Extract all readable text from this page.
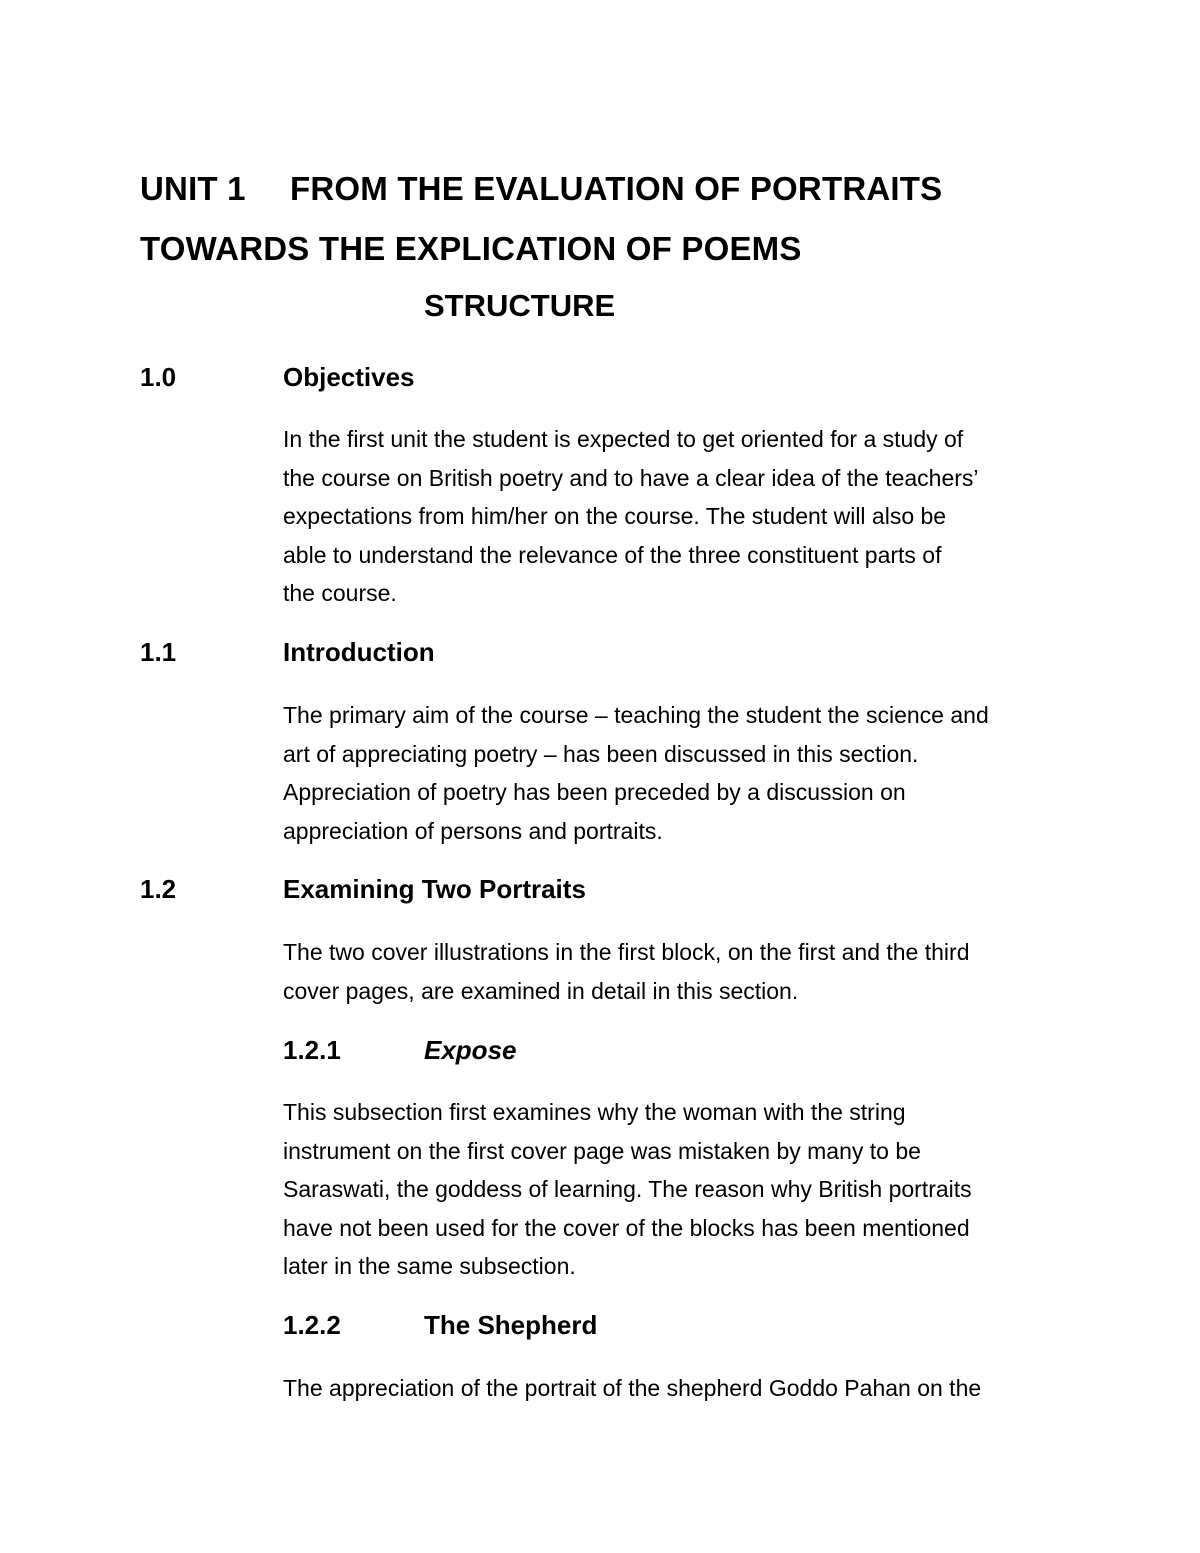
UNIT 1 FROM THE EVALUATION OF PORTRAITS
TOWARDS THE EXPLICATION OF POEMS
STRUCTURE
1.0	Objectives
In the first unit the student is expected to get oriented for a study of
the course on British poetry and to have a clear idea of the teachers’
expectations from him/her on the course. The student will also be
able to understand the relevance of the three constituent parts of
the course.
1.1	Introduction
The primary aim of the course – teaching the student the science and
art of appreciating poetry – has been discussed in this section.
Appreciation of poetry has been preceded by a discussion on
appreciation of persons and portraits.
1.2	Examining Two Portraits
The two cover illustrations in the first block, on the first and the third
cover pages, are examined in detail in this section.
1.2.1	Expose
This subsection first examines why the woman with the string
instrument on the first cover page was mistaken by many to be
Saraswati, the goddess of learning. The reason why British portraits
have not been used for the cover of the blocks has been mentioned
later in the same subsection.
1.2.2	The Shepherd
The appreciation of the portrait of the shepherd Goddo Pahan on the
